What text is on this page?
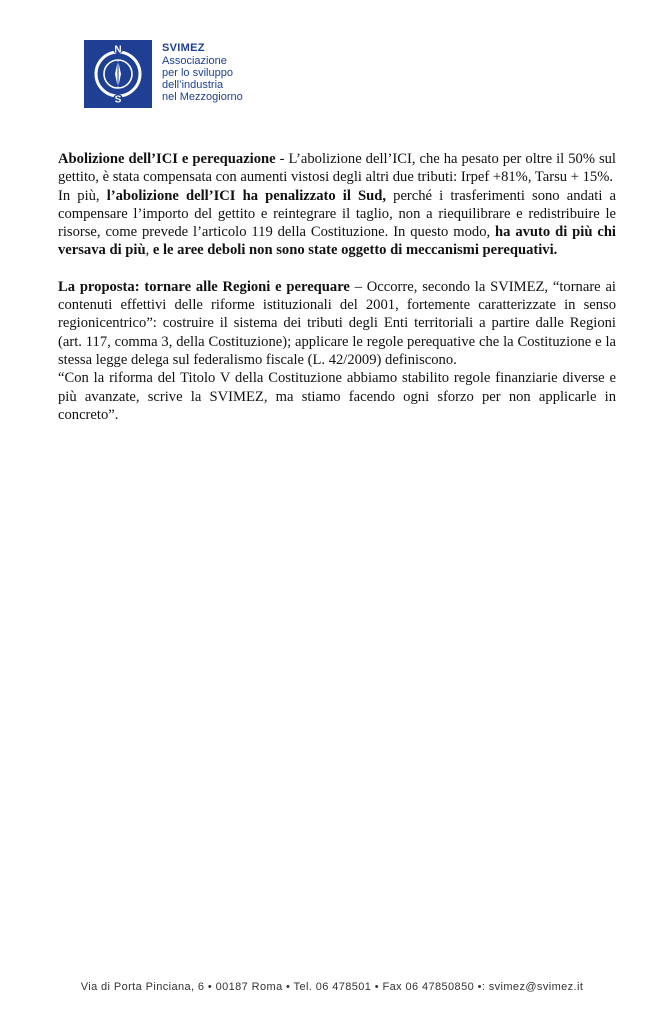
N
S
SVIMEZ
Associazione
per lo sviluppo
dell’industria
nel Mezzogiorno

Abolizione dell’ICI e perequazione - L’abolizione dell’ICI, che ha pesato per oltre il 50% sul gettito, è stata compensata con aumenti vistosi degli altri due tributi: Irpef +81%, Tarsu + 15%.

In più, l’abolizione dell’ICI ha penalizzato il Sud, perché i trasferimenti sono andati a compensare l’importo del gettito e reintegrare il taglio, non a riequilibrare e redistribuire le risorse, come prevede l’articolo 119 della Costituzione. In questo modo, ha avuto di più chi versava di più, e le aree deboli non sono state oggetto di meccanismi perequativi.

La proposta: tornare alle Regioni e perequare – Occorre, secondo la SVIMEZ, “tornare ai contenuti effettivi delle riforme istituzionali del 2001, fortemente caratterizzate in senso regionicentrico”: costruire il sistema dei tributi degli Enti territoriali a partire dalle Regioni (art. 117, comma 3, della Costituzione); applicare le regole perequative che la Costituzione e la stessa legge delega sul federalismo fiscale (L. 42/2009) definiscono.

“Con la riforma del Titolo V della Costituzione abbiamo stabilito regole finanziarie diverse e più avanzate, scrive la SVIMEZ, ma stiamo facendo ogni sforzo per non applicarle in concreto”.

Via di Porta Pinciana, 6 • 00187 Roma • Tel. 06 478501 • Fax 06 47850850 •: svimez@svimez.it
